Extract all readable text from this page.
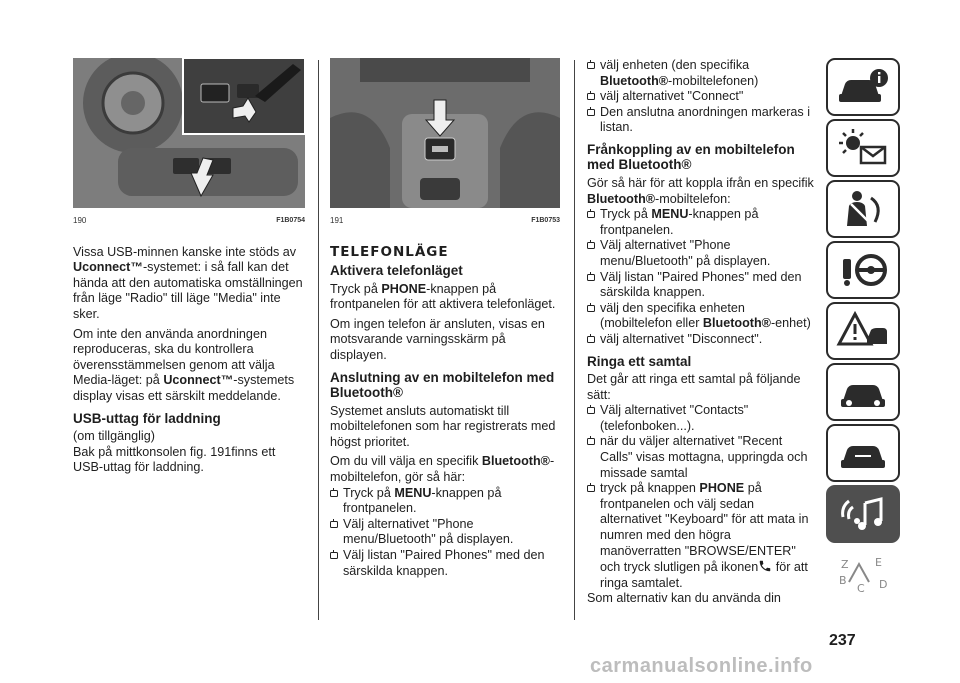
190	F1B0754

Vissa USB-minnen kanske inte stöds av Uconnect™-systemet: i så fall kan det hända att den automatiska omställningen från läge "Radio" till läge "Media" inte sker.

Om inte den använda anordningen reproduceras, ska du kontrollera överensstämmelsen genom att välja Media-läget: på Uconnect™-systemets display visas ett särskilt meddelande.

USB-uttag för laddning

(om tillgänglig)

Bak på mittkonsolen fig. 191finns ett USB-uttag för laddning.

191	F1B0753
TELEFONLÄGE
Aktivera telefonläget

Tryck på PHONE-knappen på frontpanelen för att aktivera telefonläget.

Om ingen telefon är ansluten, visas en motsvarande varningsskärm på displayen.

Anslutning av en mobiltelefon med Bluetooth®

Systemet ansluts automatiskt till mobiltelefonen som har registrerats med högst prioritet.

Om du vill välja en specifik Bluetooth®-mobiltelefon, gör så här:

Tryck på MENU-knappen på frontpanelen.
Välj alternativet "Phone menu/Bluetooth" på displayen.
Välj listan "Paired Phones" med den särskilda knappen.
välj enheten (den specifika Bluetooth®-mobiltelefonen)
välj alternativet "Connect"
Den anslutna anordningen markeras i listan.
Frånkoppling av en mobiltelefon med Bluetooth®

Gör så här för att koppla ifrån en specifik Bluetooth®-mobiltelefon:

Tryck på MENU-knappen på frontpanelen.
Välj alternativet "Phone menu/Bluetooth" på displayen.
Välj listan "Paired Phones" med den särskilda knappen.
välj den specifika enheten (mobiltelefon eller Bluetooth®-enhet)
välj alternativet "Disconnect".
Ringa ett samtal

Det går att ringa ett samtal på följande sätt:

Välj alternativet "Contacts" (telefonboken...).
när du väljer alternativet "Recent Calls" visas mottagna, uppringda och missade samtal
tryck på knappen PHONE på frontpanelen och välj sedan alternativet "Keyboard" för att mata in numren med den högra manöverratten "BROWSE/ENTER" och tryck slutligen på ikonen för att ringa samtalet.

Som alternativ kan du använda din

Z E
B
C D
237
carmanualsonline.info
